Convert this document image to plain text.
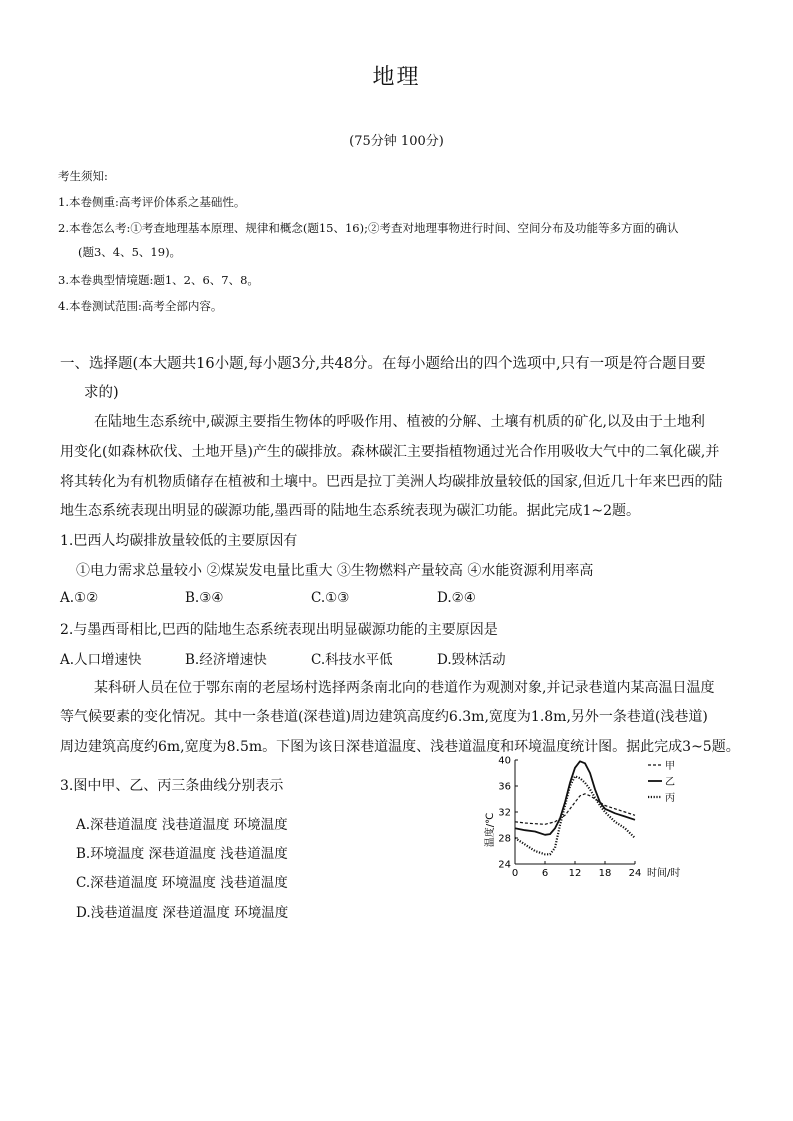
地理
(75分钟 100分)
考生须知:
1.本卷侧重:高考评价体系之基础性。
2.本卷怎么考:①考查地理基本原理、规律和概念(题15、16);②考查对地理事物进行时间、空间分布及功能等多方面的确认
(题3、4、5、19)。
3.本卷典型情境题:题1、2、6、7、8。
4.本卷测试范围:高考全部内容。
一、选择题(本大题共16小题,每小题3分,共48分。在每小题给出的四个选项中,只有一项是符合题目要
求的)
在陆地生态系统中,碳源主要指生物体的呼吸作用、植被的分解、土壤有机质的矿化,以及由于土地利
用变化(如森林砍伐、土地开垦)产生的碳排放。森林碳汇主要指植物通过光合作用吸收大气中的二氧化碳,并
将其转化为有机物质储存在植被和土壤中。巴西是拉丁美洲人均碳排放量较低的国家,但近几十年来巴西的陆
地生态系统表现出明显的碳源功能,墨西哥的陆地生态系统表现为碳汇功能。据此完成1~2题。
1.巴西人均碳排放量较低的主要原因有
①电力需求总量较小 ②煤炭发电量比重大 ③生物燃料产量较高 ④水能资源利用率高
A.①②	B.③④	C.①③	D.②④
2.与墨西哥相比,巴西的陆地生态系统表现出明显碳源功能的主要原因是
A.人口增速快	B.经济增速快	C.科技水平低	D.毁林活动
某科研人员在位于鄂东南的老屋场村选择两条南北向的巷道作为观测对象,并记录巷道内某高温日温度
等气候要素的变化情况。其中一条巷道(深巷道)周边建筑高度约6.3m,宽度为1.8m,另外一条巷道(浅巷道)
周边建筑高度约6m,宽度为8.5m。下图为该日深巷道温度、浅巷道温度和环境温度统计图。据此完成3~5题。
3.图中甲、乙、丙三条曲线分别表示
A.深巷道温度 浅巷道温度 环境温度
B.环境温度 深巷道温度 浅巷道温度
C.深巷道温度 环境温度 浅巷道温度
D.浅巷道温度 深巷道温度 环境温度
0 6 12 18 24
24
28
32
36
40
时间/时
温度/℃
甲
乙
丙
